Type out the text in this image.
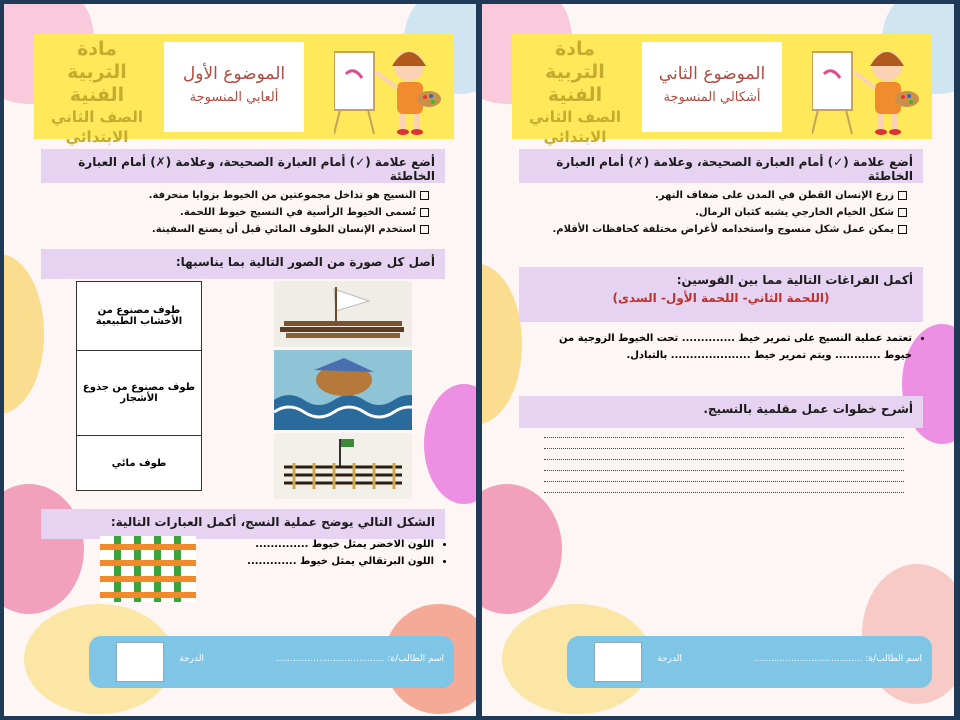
مادة
التربية
الفنية
الصف الثاني
الابتدائي
الموضوع الأول
ألعابي المنسوجة
أضع علامة (✓) أمام العبارة الصحيحة، وعلامة (✗) أمام العبارة الخاطئة
النسيج هو تداخل مجموعتين من الخيوط بزوايا منحرفة.
تُسمى الخيوط الرأسية في النسيج خيوط اللحمة.
استخدم الإنسان الطوف المائي قبل أن يصنع السفينة.
أصل كل صورة من الصور التالية بما يناسبها:
طوف مصنوع من الأخشاب الطبيعية
طوف مصنوع من جذوع الأشجار
طوف مائي
الشكل التالي يوضح عملية النسج، أكمل العبارات التالية:
• اللون الاخضر يمثل خيوط ..............
• اللون البرتقالي يمثل خيوط .............
اسم الطالب/ة: ......................................
الدرجة
مادة
التربية
الفنية
الصف الثاني
الابتدائي
الموضوع الثاني
أشكالي المنسوجة
أضع علامة (✓) أمام العبارة الصحيحة، وعلامة (✗) أمام العبارة الخاطئة
زرع الإنسان القطن في المدن على ضفاف النهر.
شكل الخيام الخارجي يشبه كثبان الرمال.
يمكن عمل شكل منسوج واستخدامه لأغراض مختلفة كحافظات الأقلام.
أكمل الفراغات التالية مما بين القوسين:
(اللحمة الثاني- اللحمة الأول- السدى)
• تعتمد عملية النسيج على تمرير خيط .............. تحت الخيوط الزوجية من
خيوط ............ ويتم تمرير خيط ..................... بالتبادل.
أشرح خطوات عمل مقلمية بالنسيج.
اسم الطالب/ة: ......................................
الدرجة
